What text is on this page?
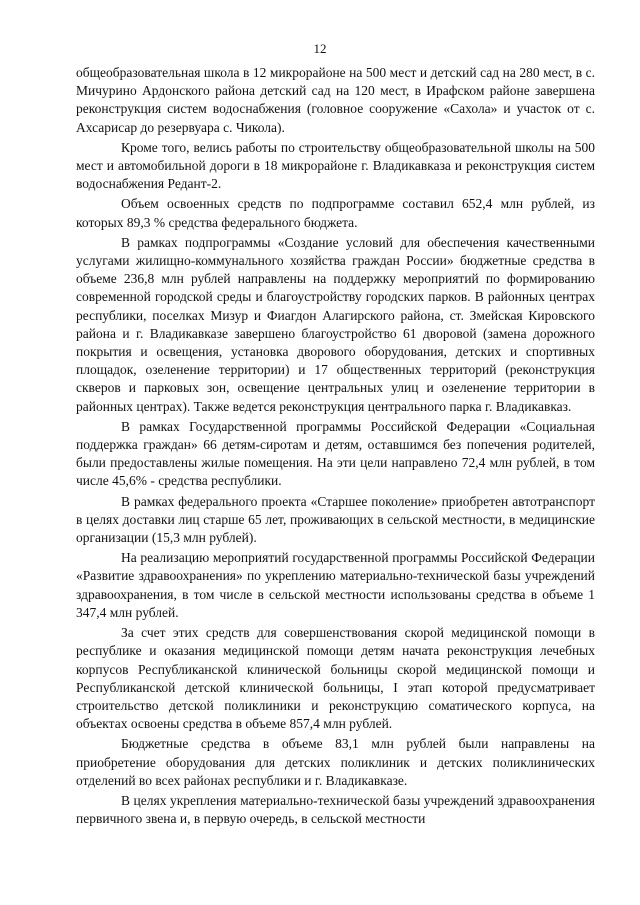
12

общеобразовательная школа в 12 микрорайоне на 500 мест и детский сад на 280 мест, в с. Мичурино Ардонского района детский сад на 120 мест, в Ирафском районе завершена реконструкция систем водоснабжения (головное сооружение «Сахола» и участок от с. Ахсарисар до резервуара с. Чикола).

Кроме того, велись работы по строительству общеобразовательной школы на 500 мест и автомобильной дороги в 18 микрорайоне г. Владикавказа и реконструкция систем водоснабжения Редант-2.

Объем освоенных средств по подпрограмме составил 652,4 млн рублей, из которых 89,3 % средства федерального бюджета.

В рамках подпрограммы «Создание условий для обеспечения качественными услугами жилищно-коммунального хозяйства граждан России» бюджетные средства в объеме 236,8 млн рублей направлены на поддержку мероприятий по формированию современной городской среды и благоустройству городских парков. В районных центрах республики, поселках Мизур и Фиагдон Алагирского района, ст. Змейская Кировского района и г. Владикавказе завершено благоустройство 61 дворовой (замена дорожного покрытия и освещения, установка дворового оборудования, детских и спортивных площадок, озеленение территории) и 17 общественных территорий (реконструкция скверов и парковых зон, освещение центральных улиц и озеленение территории в районных центрах). Также ведется реконструкция центрального парка г. Владикавказ.

В рамках Государственной программы Российской Федерации «Социальная поддержка граждан» 66 детям-сиротам и детям, оставшимся без попечения родителей, были предоставлены жилые помещения. На эти цели направлено 72,4 млн рублей, в том числе 45,6% - средства республики.

В рамках федерального проекта «Старшее поколение» приобретен автотранспорт в целях доставки лиц старше 65 лет, проживающих в сельской местности, в медицинские организации (15,3 млн рублей).

На реализацию мероприятий государственной программы Российской Федерации «Развитие здравоохранения» по укреплению материально-технической базы учреждений здравоохранения, в том числе в сельской местности использованы средства в объеме 1 347,4 млн рублей.

За счет этих средств для совершенствования скорой медицинской помощи в республике и оказания медицинской помощи детям начата реконструкция лечебных корпусов Республиканской клинической больницы скорой медицинской помощи и Республиканской детской клинической больницы, I этап которой предусматривает строительство детской поликлиники и реконструкцию соматического корпуса, на объектах освоены средства в объеме 857,4 млн рублей.

Бюджетные средства в объеме 83,1 млн рублей были направлены на приобретение оборудования для детских поликлиник и детских поликлинических отделений во всех районах республики и г. Владикавказе.

В целях укрепления материально-технической базы учреждений здравоохранения первичного звена и, в первую очередь, в сельской местности
